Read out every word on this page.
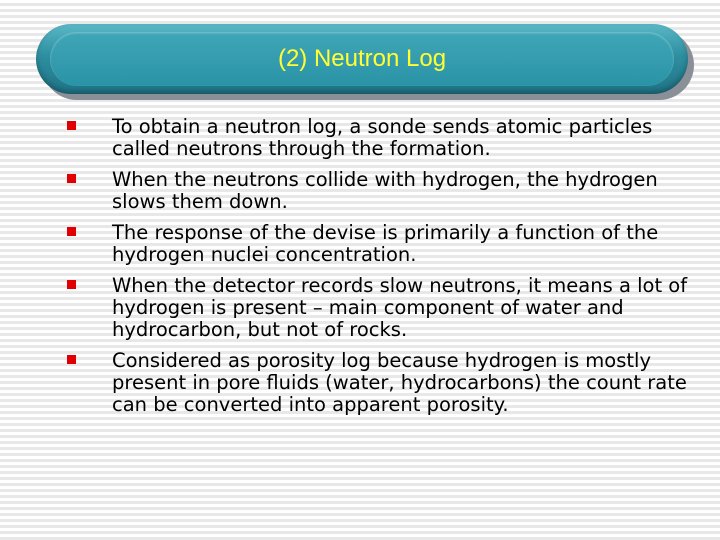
(2) Neutron Log
To obtain a neutron log, a sonde sends atomic particles called neutrons through the formation.
When the neutrons collide with hydrogen, the hydrogen slows them down.
The response of the devise is primarily a function of the hydrogen nuclei concentration.
When the detector records slow neutrons, it means a lot of hydrogen is present – main component of water and hydrocarbon, but not of rocks.
Considered as porosity log because hydrogen is mostly present in pore fluids (water, hydrocarbons) the count rate can be converted into apparent porosity.
